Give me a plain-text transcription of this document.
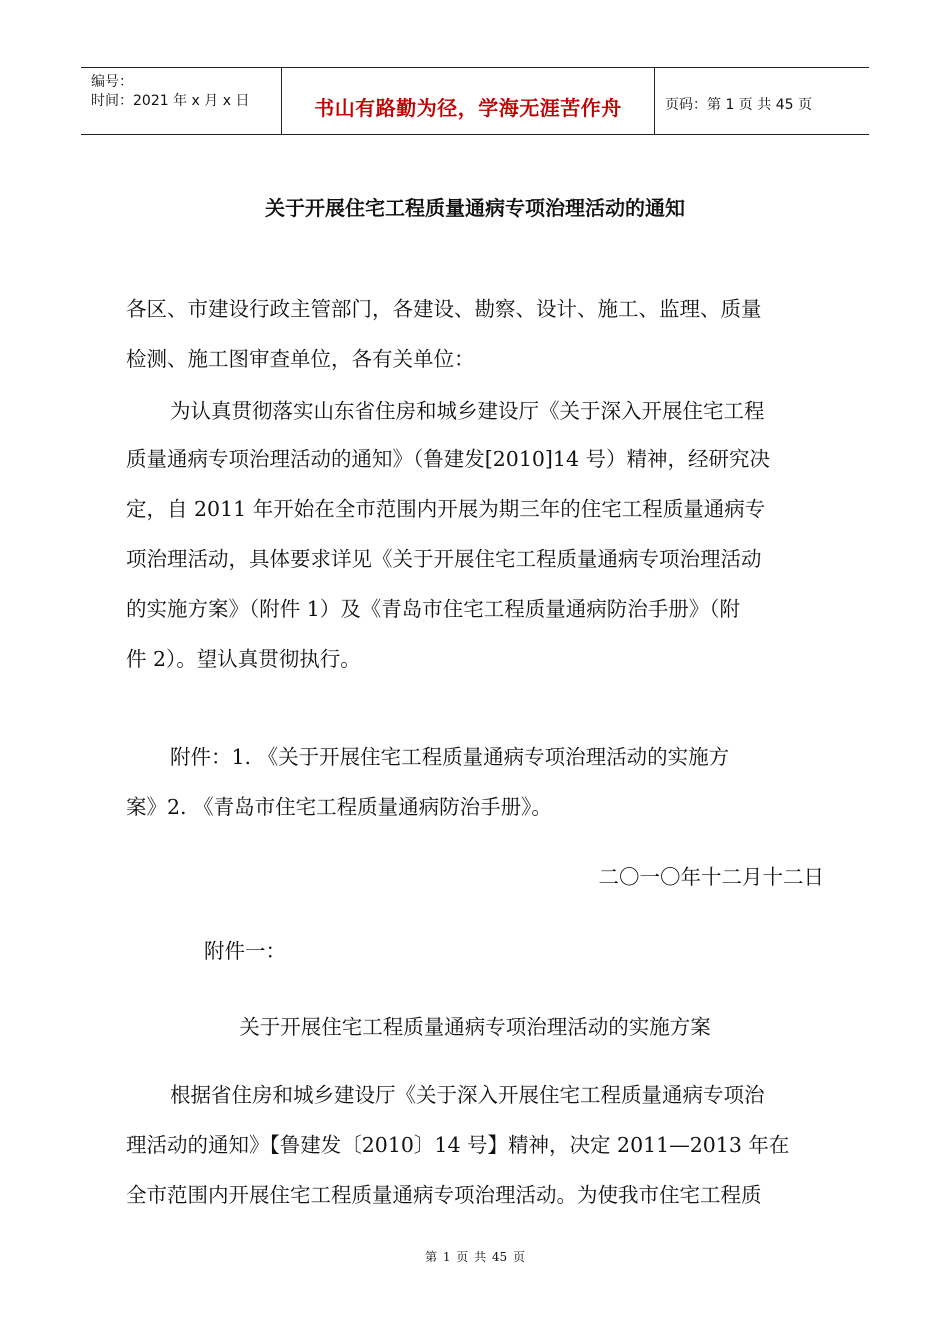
编号：
时间：2021 年 x 月 x 日	书山有路勤为径，学海无涯苦作舟	页码：第 1 页 共 45 页
关于开展住宅工程质量通病专项治理活动的通知
各区、市建设行政主管部门，各建设、勘察、设计、施工、监理、质量
检测、施工图审查单位，各有关单位：
为认真贯彻落实山东省住房和城乡建设厅《关于深入开展住宅工程
质量通病专项治理活动的通知》（鲁建发[2010]14 号）精神，经研究决
定，自 2011 年开始在全市范围内开展为期三年的住宅工程质量通病专
项治理活动，具体要求详见《关于开展住宅工程质量通病专项治理活动
的实施方案》（附件 1）及《青岛市住宅工程质量通病防治手册》（附
件 2）。望认真贯彻执行。
附件：1. 《关于开展住宅工程质量通病专项治理活动的实施方
案》2. 《青岛市住宅工程质量通病防治手册》。
二〇一〇年十二月十二日
附件一：
关于开展住宅工程质量通病专项治理活动的实施方案
根据省住房和城乡建设厅《关于深入开展住宅工程质量通病专项治
理活动的通知》【鲁建发〔2010〕14 号】精神，决定 2011—2013 年在
全市范围内开展住宅工程质量通病专项治理活动。为使我市住宅工程质
第 1 页 共 45 页
